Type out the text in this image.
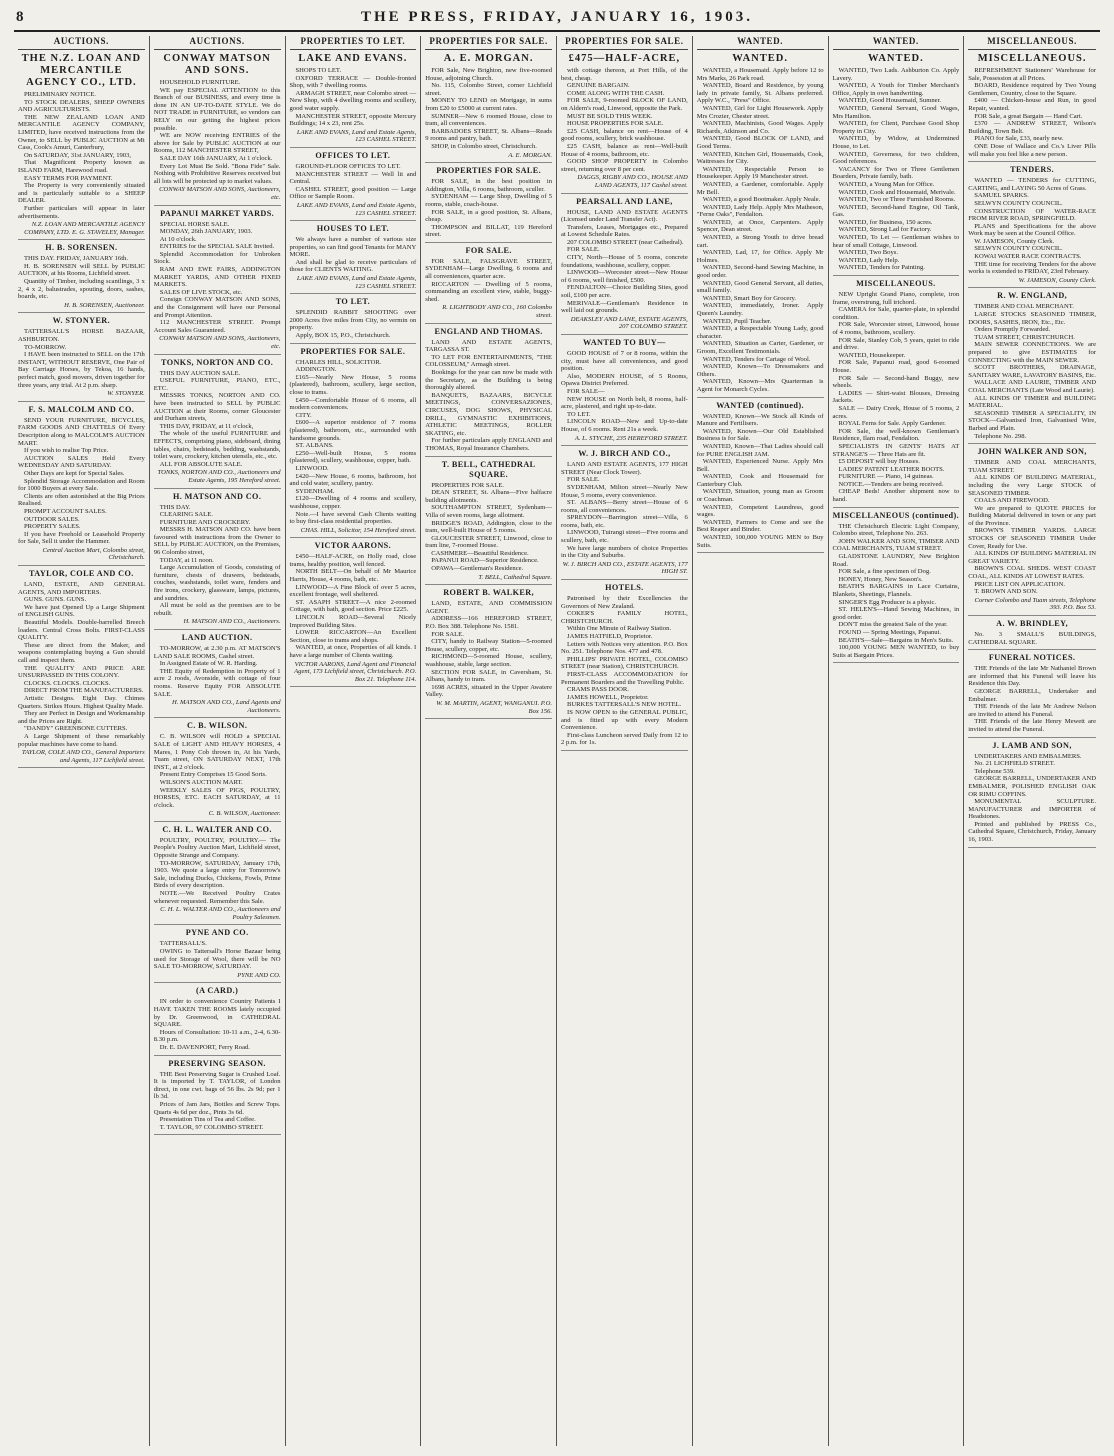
8	THE PRESS, FRIDAY, JANUARY 16, 1903.
AUCTIONS.
THE N.Z. LOAN AND MERCANTILE AGENCY CO., LTD.

PRELIMINARY NOTICE.

TO STOCK DEALERS, SHEEP OWNERS AND AGRICULTURISTS.

THE NEW ZEALAND LOAN AND MERCANTILE AGENCY COMPANY, LIMITED, have received instructions from the Owner, to SELL by PUBLIC AUCTION at Mt Cass, Cook's Amuri, Canterbury,

On SATURDAY, 31st JANUARY, 1903,

That Magnificent Property known as ISLAND FARM, Harewood road.

EASY TERMS FOR PAYMENT.

The Property is very conveniently situated and is particularly suitable to a SHEEP DEALER.

Further particulars will appear in later advertisements.

N.Z. LOAN AND MERCANTILE AGENCY COMPANY, LTD. E. G. STAVELEY, Manager.

H. B. SORENSEN.

THIS DAY. FRIDAY, JANUARY 16th.

H. B. SORENSEN will SELL by PUBLIC AUCTION, at his Rooms, Lichfield street.

Quantity of Timber, including scantlings, 3 x 2, 4 x 2, balustrades, spouting, doors, sashes, boards, etc.

H. B. SORENSEN, Auctioneer.

W. STONYER.

TATTERSALL'S HORSE BAZAAR, ASHBURTON.

TO-MORROW.

I HAVE been instructed to SELL on the 17th INSTANT, WITHOUT RESERVE, One Pair of Bay Carriage Horses, by Tekoa, 16 hands, perfect match, good movers, driven together for three years, any trial. At 2 p.m. sharp.

W. STONYER.

F. S. MALCOLM AND CO.

SEND YOUR FURNITURE, BICYCLES, FARM GOODS AND CHATTELS Of Every Description along to MALCOLM'S AUCTION MART.

If you wish to realise Top Price.

AUCTION SALES Held Every WEDNESDAY AND SATURDAY.

Other Days are kept for Special Sales.

Splendid Storage Accommodation and Room for 1000 Buyers at every Sale.

Clients are often astonished at the Big Prices Realised.

PROMPT ACCOUNT SALES.

OUTDOOR SALES.

PROPERTY SALES.

If you have Freehold or Leasehold Property for Sale, Sell it under the Hammer.

Central Auction Mart, Colombo street, Christchurch.

TAYLOR, COLE AND CO.

LAND, ESTATE, AND GENERAL AGENTS, AND IMPORTERS.

GUNS. GUNS. GUNS.

We have just Opened Up a Large Shipment of ENGLISH GUNS.

Beautiful Models. Double-barrelled Breech loaders. Central Cross Bolts. FIRST-CLASS QUALITY.

These are direct from the Maker, and weapons contemplating buying a Gun should call and inspect them.

THE QUALITY AND PRICE ARE UNSURPASSED IN THIS COLONY.

CLOCKS. CLOCKS. CLOCKS.

DIRECT FROM THE MANUFACTURERS.

Artistic Designs. Eight Day. Chimes Quarters. Strikes Hours. Highest Quality Made.

They are Perfect in Design and Workmanship and the Prices are Right.

"DANDY" GREENBONE CUTTERS.

A Large Shipment of these remarkably popular machines have come to hand.

TAYLOR, COLE AND CO., General Importers and Agents, 117 Lichfield street.

AUCTIONS.
CONWAY MATSON AND SONS.

HOUSEHOLD FURNITURE.

WE pay ESPECIAL ATTENTION to this Branch of our BUSINESS, and every time is done IN AN UP-TO-DATE STYLE. We do NOT TRADE in FURNITURE, so vendors can RELY on our getting the highest prices possible.

WE are NOW receiving ENTRIES of the above for Sale by PUBLIC AUCTION at our Rooms, 112 MANCHESTER STREET,

SALE DAY 16th JANUARY, At 1 o'clock.

Every Lot Must Be Sold. "Bona Fide" Sale. Nothing with Prohibitive Reserves received but all lots will be protected up to market values.

CONWAY MATSON AND SONS, Auctioneers, etc.

PAPANUI MARKET YARDS.

SPECIAL HORSE SALE.

MONDAY, 26th JANUARY, 1903.

At 10 o'clock.

ENTRIES for the SPECIAL SALE Invited.

Splendid Accommodation for Unbroken Stock.

RAM AND EWE FAIRS, ADDINGTON MARKET YARDS, AND OTHER FIXED MARKETS.

SALES OF LIVE STOCK, etc.

Consign CONWAY MATSON AND SONS, and the Consignment will have our Personal and Prompt Attention.

112 MANCHESTER STREET. Prompt Account Sales Guaranteed.

CONWAY MATSON AND SONS, Auctioneers, etc.

TONKS, NORTON AND CO.

THIS DAY AUCTION SALE.

USEFUL FURNITURE, PIANO, ETC., ETC.

MESSRS TONKS, NORTON AND CO. have been instructed to SELL by PUBLIC AUCTION at their Rooms, corner Gloucester and Durham streets,

THIS DAY, FRIDAY, at 11 o'clock,

The whole of the useful FURNITURE and EFFECTS, comprising piano, sideboard, dining tables, chairs, bedsteads, bedding, washstands, toilet ware, crockery, kitchen utensils, etc., etc.

ALL FOR ABSOLUTE SALE.

TONKS, NORTON AND CO., Auctioneers and Estate Agents, 195 Hereford street.

H. MATSON AND CO.

THIS DAY.

CLEARING SALE.

FURNITURE AND CROCKERY.

MESSRS H. MATSON AND CO. have been favoured with instructions from the Owner to SELL by PUBLIC AUCTION, on the Premises, 96 Colombo street,

TODAY, at 11 noon.

Large Accumulation of Goods, consisting of furniture, chests of drawers, bedsteads, couches, washstands, toilet ware, fenders and fire irons, crockery, glassware, lamps, pictures, and sundries.

All must be sold as the premises are to be rebuilt.

H. MATSON AND CO., Auctioneers.

LAND AUCTION.

TO-MORROW, at 2.30 p.m. AT MATSON'S LAND SALE ROOMS, Cashel street.

In Assigned Estate of W. R. Harding.

THE Equity of Redemption in Property of 1 acre 2 roods, Avonside, with cottage of four rooms. Reserve Equity FOR ABSOLUTE SALE.

H. MATSON AND CO., Land Agents and Auctioneers.

C. B. WILSON.

C. B. WILSON will HOLD a SPECIAL SALE of LIGHT AND HEAVY HORSES, 4 Mares, 1 Pony Cob thrown in, At his Yards, Tuam street, ON SATURDAY NEXT, 17th INST., at 2 o'clock.

Present Entry Comprises 15 Good Sorts.

WILSON'S AUCTION MART.

WEEKLY SALES OF PIGS, POULTRY, HORSES, ETC. EACH SATURDAY, at 11 o'clock.

C. B. WILSON, Auctioneer.

C. H. L. WALTER AND CO.

POULTRY, POULTRY, POULTRY.— The People's Poultry Auction Mart, Lichfield street, Opposite Strange and Company.

TO-MORROW, SATURDAY, January 17th, 1903. We quote a large entry for Tomorrow's Sale, including Ducks, Chickens, Fowls, Prime Birds of every description.

NOTE.—We Received Poultry Crates whenever requested. Remember this Sale.

C. H. L. WALTER AND CO., Auctioneers and Poultry Salesmen.

PYNE AND CO.

TATTERSALL'S.

OWING to Tattersall's Horse Bazaar being used for Storage of Wool, there will be NO SALE TO-MORROW, SATURDAY.

PYNE AND CO.

(A CARD.)

IN order to convenience Country Patients I HAVE TAKEN THE ROOMS lately occupied by Dr. Greenwood, in CATHEDRAL SQUARE.

Hours of Consultation: 10-11 a.m., 2-4, 6.30-8.30 p.m.

Dr. E. DAVENPORT, Ferry Road.

PRESERVING SEASON.

THE Best Preserving Sugar is Crushed Loaf. It is imported by T. TAYLOR, of London direct, in one cwt. bags of 56 lbs. 2s 9d; per 1 lb 3d.

Prices of Jam Jars, Bottles and Screw Tops. Quarts 4s 6d per doz., Pints 3s 6d.

Presentation Tins of Tea and Coffee.

T. TAYLOR, 97 COLOMBO STREET.

PROPERTIES TO LET.
LAKE AND EVANS.

SHOPS TO LET.

OXFORD TERRACE — Double-fronted Shop, with 7 dwelling rooms.

ARMAGH STREET, near Colombo street — New Shop, with 4 dwelling rooms and scullery, good water supply.

MANCHESTER STREET, opposite Mercury Buildings; 14 x 23, rent 25s.

LAKE AND EVANS, Land and Estate Agents, 123 CASHEL STREET.

OFFICES TO LET.

GROUND-FLOOR OFFICES TO LET.

MANCHESTER STREET — Well lit and Central.

CASHEL STREET, good position — Large Office or Sample Room.

LAKE AND EVANS, Land and Estate Agents, 123 CASHEL STREET.

HOUSES TO LET.

We always have a number of various size properties, so can find good Tenants for MANY MORE.

And shall be glad to receive particulars of those for CLIENTS WAITING.

LAKE AND EVANS, Land and Estate Agents, 123 CASHEL STREET.

TO LET.

SPLENDID RABBIT SHOOTING over 2000 Acres five miles from City, no vermin on property.

Apply, BOX 15, P.O., Christchurch.

PROPERTIES FOR SALE.

CHARLES HILL, SOLICITOR.

ADDINGTON.

£165—Nearly New House, 5 rooms (plastered), bathroom, scullery, large section, close to trams.

£450—Comfortable House of 6 rooms, all modern conveniences.

CITY.

£600—A superior residence of 7 rooms (plastered), bathroom, etc., surrounded with handsome grounds.

ST. ALBANS.

£250—Well-built House, 5 rooms (plastered), scullery, washhouse, copper, bath.

LINWOOD.

£420—New House, 6 rooms, bathroom, hot and cold water, scullery, pantry.

SYDENHAM.

£120—Dwelling of 4 rooms and scullery, washhouse, copper.

Note.—I have several Cash Clients waiting to buy first-class residential properties.

CHAS. HILL, Solicitor, 154 Hereford street.

VICTOR AARONS.

£450—HALF-ACRE, on Holly road, close trams, healthy position, well fenced.

NORTH BELT—On behalf of Mr Maurice Harris, House, 4 rooms, bath, etc.

LINWOOD—A Fine Block of over 5 acres, excellent frontage, well sheltered.

ST. ASAPH STREET—A nice 2-roomed Cottage, with bath, good section. Price £225.

LINCOLN ROAD—Several Nicely Improved Building Sites.

LOWER RICCARTON—An Excellent Section, close to trams and shops.

WANTED, at once, Properties of all kinds. I have a large number of Clients waiting.

VICTOR AARONS, Land Agent and Financial Agent, 173 Lichfield street, Christchurch. P.O. Box 21. Telephone 114.

PROPERTIES FOR SALE.
A. E. MORGAN.

FOR Sale, New Brighton, new five-roomed House, adjoining Church.

No. 115, Colombo Street, corner Lichfield street.

MONEY TO LEND on Mortgage, in sums from £20 to £5000 at current rates.

SUMNER—New 6 roomed House, close to tram, all conveniences.

BARBADOES STREET, St. Albans—Reads 9 rooms and pantry, bath.

SHOP, in Colombo street, Christchurch.

A. E. MORGAN.

PROPERTIES FOR SALE.

FOR SALE, in the best position in Addington, Villa, 6 rooms, bathroom, sculler.

SYDENHAM — Large Shop, Dwelling of 5 rooms, stable, coach-house.

FOR SALE, in a good position, St. Albans, cheap.

THOMPSON and BILLAT, 119 Hereford street.

FOR SALE.

FOR SALE, FALSGRAVE STREET, SYDENHAM—Large Dwelling, 6 rooms and all conveniences, quarter acre.

RICCARTON — Dwelling of 5 rooms, commanding an excellent view, stable, buggy-shed.

R. LIGHTBODY AND CO., 160 Colombo street.

ENGLAND AND THOMAS.

LAND AND ESTATE AGENTS, TARGASSA ST.

TO LET FOR ENTERTAINMENTS, "THE COLOSSEUM," Armagh street.

Bookings for the year can now be made with the Secretary, as the Building is being thoroughly altered.

BANQUETS, BAZAARS, BICYCLE MEETINGS, CONVERSAZIONES, CIRCUSES, DOG SHOWS, PHYSICAL DRILL, GYMNASTIC EXHIBITIONS, ATHLETIC MEETINGS, ROLLER SKATING, etc.

For further particulars apply ENGLAND and THOMAS, Royal Insurance Chambers.

T. BELL, CATHEDRAL SQUARE.

PROPERTIES FOR SALE.

DEAN STREET, St. Albans—Five halfacre building allotments.

SOUTHAMPTON STREET, Sydenham—Villa of seven rooms, large allotment.

BRIDGE'S ROAD, Addington, close to the tram, well-built House of 5 rooms.

GLOUCESTER STREET, Linwood, close to tram line, 7-roomed House.

CASHMERE—Beautiful Residence.

PAPANUI ROAD—Superior Residence.

OPAWA—Gentleman's Residence.

T. BELL, Cathedral Square.

ROBERT B. WALKER,

LAND, ESTATE, AND COMMISSION AGENT.

ADDRESS—166 HEREFORD STREET, P.O. Box 388. Telephone No. 1581.

FOR SALE.

CITY, handy to Railway Station—5-roomed House, scullery, copper, etc.

RICHMOND—5-roomed House, scullery, washhouse, stable, large section.

SECTION FOR SALE, in Caversham, St. Albans, handy to tram.

1698 ACRES, situated in the Upper Awatere Valley.

W. M. MARTIN, AGENT, WANGANUI. P.O. Box 156.

PROPERTIES FOR SALE.
£475—HALF-ACRE,

with cottage thereon, at Port Hills, of the best, cheap.

GENUINE BARGAIN.

COME ALONG WITH THE CASH.

FOR SALE, 9-roomed BLOCK OF LAND, on Aldern's road, Linwood, opposite the Park.

MUST BE SOLD THIS WEEK.

HOUSE PROPERTIES FOR SALE.

£25 CASH, balance on rent—House of 4 good rooms, scullery, brick washhouse.

£25 CASH, balance as rent—Well-built House of 4 rooms, bathroom, etc.

GOOD SHOP PROPERTY in Colombo street, returning over 8 per cent.

DAGGS, RIGBY AND CO., HOUSE AND LAND AGENTS, 117 Cashel street.

PEARSALL AND LANE,

HOUSE, LAND AND ESTATE AGENTS (Licensed under Land Transfer Act).

Transfers, Leases, Mortgages etc., Prepared at Lowest Schedule Rates.

207 COLOMBO STREET (near Cathedral).

FOR SALE.

CITY, North—House of 5 rooms, concrete foundations, washhouse, scullery, copper.

LINWOOD—Worcester street—New House of 6 rooms, well finished, £500.

FENDALTON—Choice Building Sites, good soil, £100 per acre.

MERIVALE—Gentleman's Residence in well laid out grounds.

DEAKSLEY AND LANE, ESTATE AGENTS, 207 COLOMBO STREET.

WANTED TO BUY—

GOOD HOUSE of 7 or 8 rooms, within the city, must have all conveniences, and good position.

Also, MODERN HOUSE, of 5 Rooms, Opawa District Preferred.

FOR SALE—

NEW HOUSE on North belt, 8 rooms, half-acre, plastered, and right up-to-date.

TO LET.

LINCOLN ROAD—New and Up-to-date House, of 6 rooms. Rent 21s a week.

A. L. STYCHE, 235 HEREFORD STREET.

W. J. BIRCH AND CO.,

LAND AND ESTATE AGENTS, 177 HIGH STREET (Near Clock Tower).

FOR SALE.

SYDENHAM, Milton street—Nearly New House, 5 rooms, every convenience.

ST. ALBANS—Berry street—House of 6 rooms, all conveniences.

SPREYDON—Barrington street—Villa, 6 rooms, bath, etc.

LINWOOD, Tuirangi street—Five rooms and scullery, bath, etc.

We have large numbers of choice Properties in the City and Suburbs.

W. J. BIRCH AND CO., ESTATE AGENTS, 177 HIGH ST.

HOTELS.

Patronised by their Excellencies the Governors of New Zealand.

COKER'S FAMILY HOTEL, CHRISTCHURCH.

Within One Minute of Railway Station.

JAMES HATFIELD, Proprietor.

Letters with Notices very attention. P.O. Box No. 251. Telephone Nos. 477 and 478.

PHILLIPS' PRIVATE HOTEL, COLOMBO STREET (near Station), CHRISTCHURCH.

FIRST-CLASS ACCOMMODATION for Permanent Boarders and the Travelling Public.

CRAMS PASS DOOR.

JAMES HOWELL, Proprietor.

BURKES TATTERSALL'S NEW HOTEL.

IS NOW OPEN to the GENERAL PUBLIC, and is fitted up with every Modern Convenience.

First-class Luncheon served Daily from 12 to 2 p.m. for 1s.

WANTED.
WANTED.

WANTED, a Housemaid. Apply before 12 to Mrs Marks, 26 Park road.

WANTED, Board and Residence, by young lady in private family, St. Albans preferred. Apply W.C., "Press" Office.

WANTED, Girl for Light Housework. Apply Mrs Crozier, Chester street.

WANTED, Machinists, Good Wages. Apply Richards, Atkinson and Co.

WANTED, Good BLOCK OF LAND, and Good Terms.

WANTED, Kitchen Girl, Housemaids, Cook, Waitresses for City.

WANTED, Respectable Person to Housekeeper. Apply 19 Manchester street.

WANTED, a Gardener, comfortable. Apply Mr Bell.

WANTED, a good Bootmaker. Apply Neale.

WANTED, Lady Help. Apply Mrs Matheson, "Ferne Oaks", Fendalton.

WANTED, at Once, Carpenters. Apply Spencer, Dean street.

WANTED, a Strong Youth to drive bread cart.

WANTED, Lad, 17, for Office. Apply Mr Holmes.

WANTED, Second-hand Sewing Machine, in good order.

WANTED, Good General Servant, all duties, small family.

WANTED, Smart Boy for Grocery.

WANTED, immediately, Ironer. Apply Queen's Laundry.

WANTED, Pupil Teacher.

WANTED, a Respectable Young Lady, good character.

WANTED, Situation as Carter, Gardener, or Groom, Excellent Testimonials.

WANTED, Tenders for Cartage of Wool.

WANTED, Known—To Dressmakers and Others.

WANTED, Known—Mrs Quarterman is Agent for Monarch Cycles.

WANTED (continued).

WANTED, Known—We Stock all Kinds of Manure and Fertilisers.

WANTED, Known—Our Old Established Business is for Sale.

WANTED, Known—That Ladies should call for PURE ENGLISH JAM.

WANTED, Experienced Nurse. Apply Mrs Bell.

WANTED, Cook and Housemaid for Canterbury Club.

WANTED, Situation, young man as Groom or Coachman.

WANTED, Competent Laundress, good wages.

WANTED, Farmers to Come and see the Best Reaper and Binder.

WANTED, 100,000 YOUNG MEN to Buy Suits.

WANTED.
WANTED.

WANTED, Two Lads. Ashburton Co. Apply Lavery.

WANTED, A Youth for Timber Merchant's Office, Apply in own handwriting.

WANTED, Good Housemaid, Sumner.

WANTED, General Servant, Good Wages, Mrs Hamilton.

WANTED, for Client, Purchase Good Shop Property in City.

WANTED, by Widow, at Undermined House, to Let.

WANTED, Governess, for two children, Good references.

VACANCY for Two or Three Gentlemen Boarders, Private family, bath.

WANTED, a Young Man for Office.

WANTED, Cook and Housemaid, Merivale.

WANTED, Two or Three Furnished Rooms.

WANTED, Second-hand Engine, Oil Tank, Gas.

WANTED, for Business, 150 acres.

WANTED, Strong Lad for Factory.

WANTED, To Let — Gentleman wishes to hear of small Cottage, Linwood.

WANTED, Two Boys.

WANTED, Lady Help.

WANTED, Tenders for Painting.

MISCELLANEOUS.

NEW Upright Grand Piano, complete, iron frame, overstrung, full trichord.

CAMERA for Sale, quarter-plate, in splendid condition.

FOR Sale, Worcester street, Linwood, house of 4 rooms, bathroom, scullery.

FOR Sale, Stanley Cob, 5 years, quiet to ride and drive.

WANTED, Housekeeper.

FOR Sale, Papanui road, good 6-roomed House.

FOR Sale — Second-hand Buggy, new wheels.

LADIES — Shirt-waist Blouses, Dressing Jackets.

SALE — Dairy Creek, House of 5 rooms, 2 acres.

ROYAL Ferns for Sale. Apply Gardener.

FOR Sale, the well-known Gentleman's Residence, Ilam road, Fendalton.

SPECIALISTS IN GENTS' HATS AT STRANGE'S — Three Hats are fit.

£5 DEPOSIT will buy Houses.

LADIES' PATENT LEATHER BOOTS.

FURNITURE — Piano, 14 guineas.

NOTICE.—Tenders are being received.

CHEAP Beds! Another shipment now to hand.

MISCELLANEOUS (continued).

THE Christchurch Electric Light Company, Colombo street, Telephone No. 263.

JOHN WALKER AND SON, TIMBER AND COAL MERCHANTS, TUAM STREET.

GLADSTONE LAUNDRY, New Brighton Road.

FOR Sale, a fine specimen of Dog.

HONEY, Honey, New Season's.

BEATH'S BARGAINS in Lace Curtains, Blankets, Sheetings, Flannels.

SINGER'S Egg Producer is a physic.

ST. HELEN'S—Hand Sewing Machines, in good order.

DON'T miss the greatest Sale of the year.

FOUND — Spring Meetings, Papanui.

BEATH'S—Sale—Bargains in Men's Suits.

100,000 YOUNG MEN WANTED, to buy Suits at Bargain Prices.

MISCELLANEOUS.
MISCELLANEOUS.

REFRESHMENT Stationers' Warehouse for Sale, Possession at all Prices.

BOARD, Residence required by Two Young Gentlemen, Country, close to the Square.

£400 — Chicken-house and Run, in good Repair, wanted.

FOR Sale, a great Bargain — Hand Cart.

£370 — ANDREW STREET, Wilson's Building, Town Belt.

PIANO for Sale, £33, nearly new.

ONE Dose of Wallace and Co.'s Liver Pills will make you feel like a new person.

TENDERS.

WANTED — TENDERS for CUTTING, CARTING, and LAYING 50 Acres of Grass.

SAMUEL SPARKS.

SELWYN COUNTY COUNCIL.

CONSTRUCTION OF WATER-RACE FROM RIVER ROAD, SPRINGFIELD.

PLANS and Specifications for the above Work may be seen at the Council Office.

W. JAMESON, County Clerk.

SELWYN COUNTY COUNCIL.

KOWAI WATER RACE CONTRACTS.

THE time for receiving Tenders for the above works is extended to FRIDAY, 23rd February.

W. JAMESON, County Clerk.

R. W. ENGLAND,

TIMBER AND COAL MERCHANT.

LARGE STOCKS SEASONED TIMBER, DOORS, SASHES, IRON, Etc., Etc.

Orders Promptly Forwarded.

TUAM STREET, CHRISTCHURCH.

MAIN SEWER CONNECTIONS. We are prepared to give ESTIMATES for CONNECTING with the MAIN SEWER.

SCOTT BROTHERS, DRAINAGE, SANITARY WARE, LAVATORY BASINS, Etc.

WALLACE AND LAURIE, TIMBER AND COAL MERCHANTS (Late Wood and Laurie).

ALL KINDS OF TIMBER and BUILDING MATERIAL.

SEASONED TIMBER A SPECIALITY, IN STOCK—Galvanised Iron, Galvanised Wire, Barbed and Plain.

Telephone No. 298.

JOHN WALKER AND SON,

TIMBER AND COAL MERCHANTS, TUAM STREET.

ALL KINDS OF BUILDING MATERIAL, including the very Large STOCK of SEASONED TIMBER.

COALS AND FIREWOOD.

We are prepared to QUOTE PRICES for Building Material delivered in town or any part of the Province.

BROWN'S TIMBER YARDS. LARGE STOCKS OF SEASONED TIMBER Under Cover, Ready for Use.

ALL KINDS OF BUILDING MATERIAL IN GREAT VARIETY.

BROWN'S COAL SHEDS. WEST COAST COAL, ALL KINDS AT LOWEST RATES.

PRICE LIST ON APPLICATION.

T. BROWN AND SON.

Corner Colombo and Tuam streets, Telephone 393. P.O. Box 53.

A. W. BRINDLEY,

No. 3 SMALL'S BUILDINGS, CATHEDRAL SQUARE.

FUNERAL NOTICES.

THE Friends of the late Mr Nathaniel Brown are informed that his Funeral will leave his Residence this Day.

GEORGE BARRELL, Undertaker and Embalmer.

THE Friends of the late Mr Andrew Nelson are invited to attend his Funeral.

THE Friends of the late Henry Mewett are invited to attend the Funeral.

J. LAMB AND SON,

UNDERTAKERS AND EMBALMERS.

No. 21 LICHFIELD STREET.

Telephone 539.

GEORGE BARRELL, UNDERTAKER AND EMBALMER, POLISHED ENGLISH OAK OR RIMU COFFINS.

MONUMENTAL SCULPTURE. MANUFACTURER and IMPORTER of Headstones.

Printed and published by PRESS Co., Cathedral Square, Christchurch, Friday, January 16, 1903.
